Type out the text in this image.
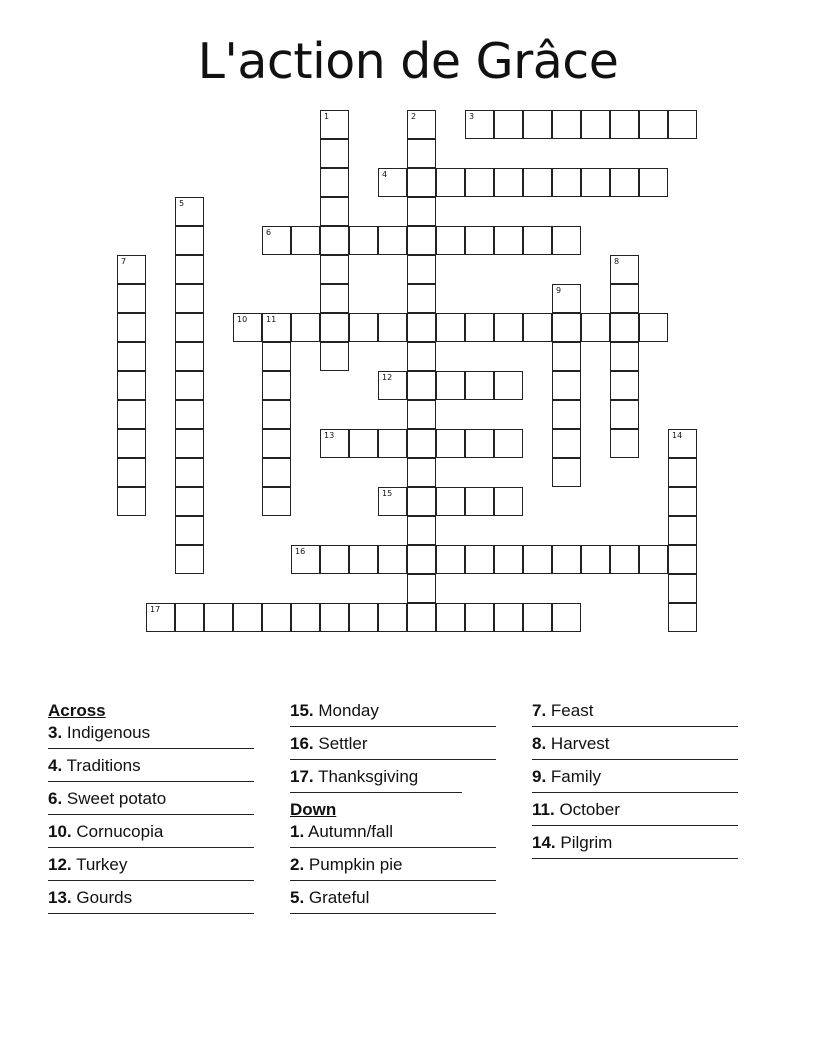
L'action de Grâce
1	2	3
4
5
6
7	8
9
10 11
12
13	14
15
16
17
Across
3. Indigenous
4. Traditions
6. Sweet potato
10. Cornucopia
12. Turkey
13. Gourds
15. Monday
16. Settler
17. Thanksgiving
Down
1. Autumn/fall
2. Pumpkin pie
5. Grateful
7. Feast
8. Harvest
9. Family
11. October
14. Pilgrim
